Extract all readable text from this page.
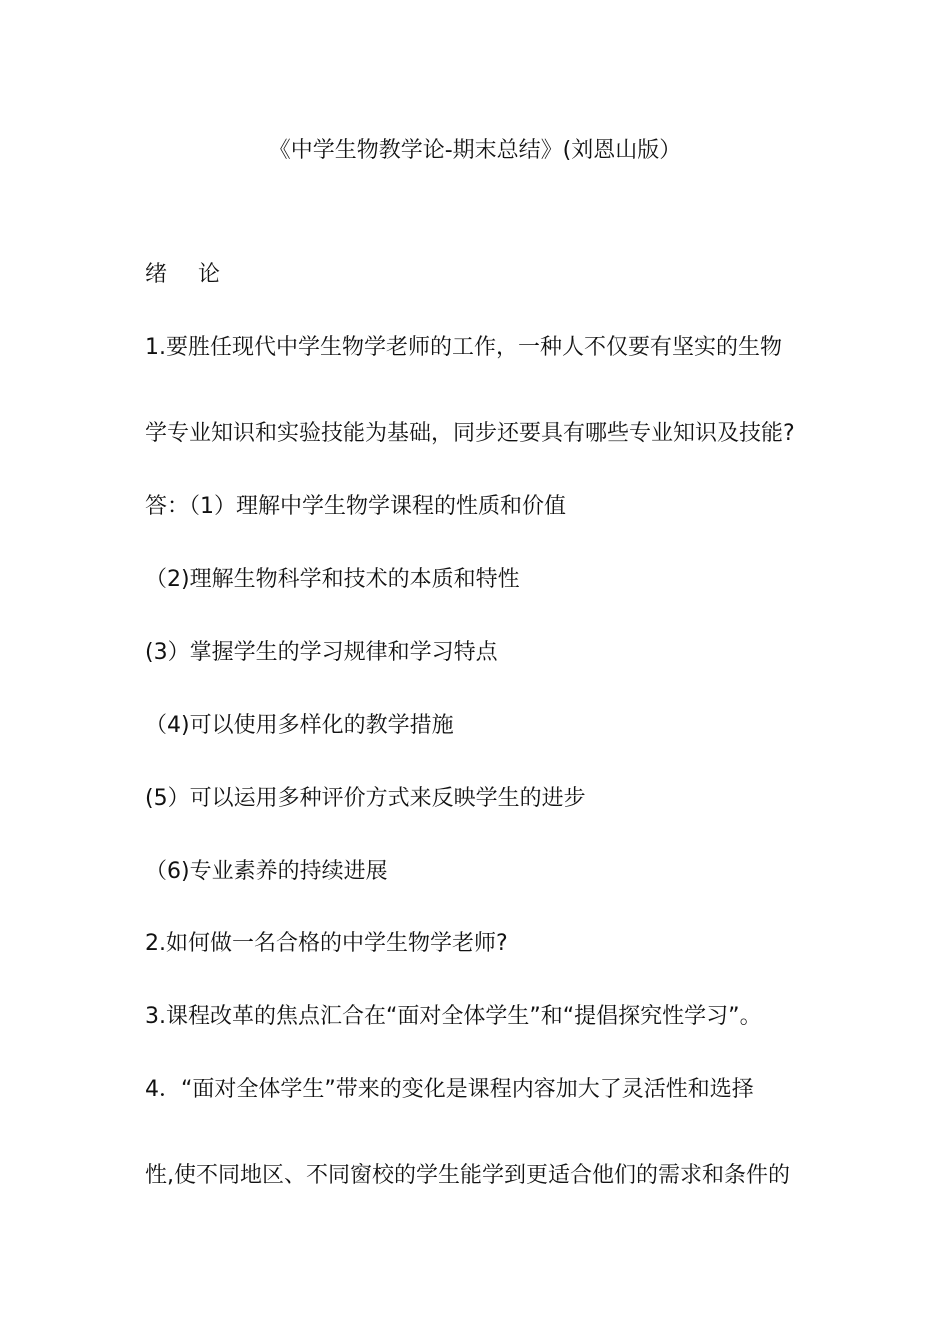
《中学生物教学论-期末总结》(刘恩山版）
绪 论
1.要胜任现代中学生物学老师的工作，一种人不仅要有坚实的生物
学专业知识和实验技能为基础，同步还要具有哪些专业知识及技能?
答：（1）理解中学生物学课程的性质和价值
（2)理解生物科学和技术的本质和特性
(3）掌握学生的学习规律和学习特点
（4)可以使用多样化的教学措施
(5）可以运用多种评价方式来反映学生的进步
（6)专业素养的持续进展
2.如何做一名合格的中学生物学老师?
3.课程改革的焦点汇合在“面对全体学生”和“提倡探究性学习”。
4．“面对全体学生”带来的变化是课程内容加大了灵活性和选择
性,使不同地区、不同窗校的学生能学到更适合他们的需求和条件的
